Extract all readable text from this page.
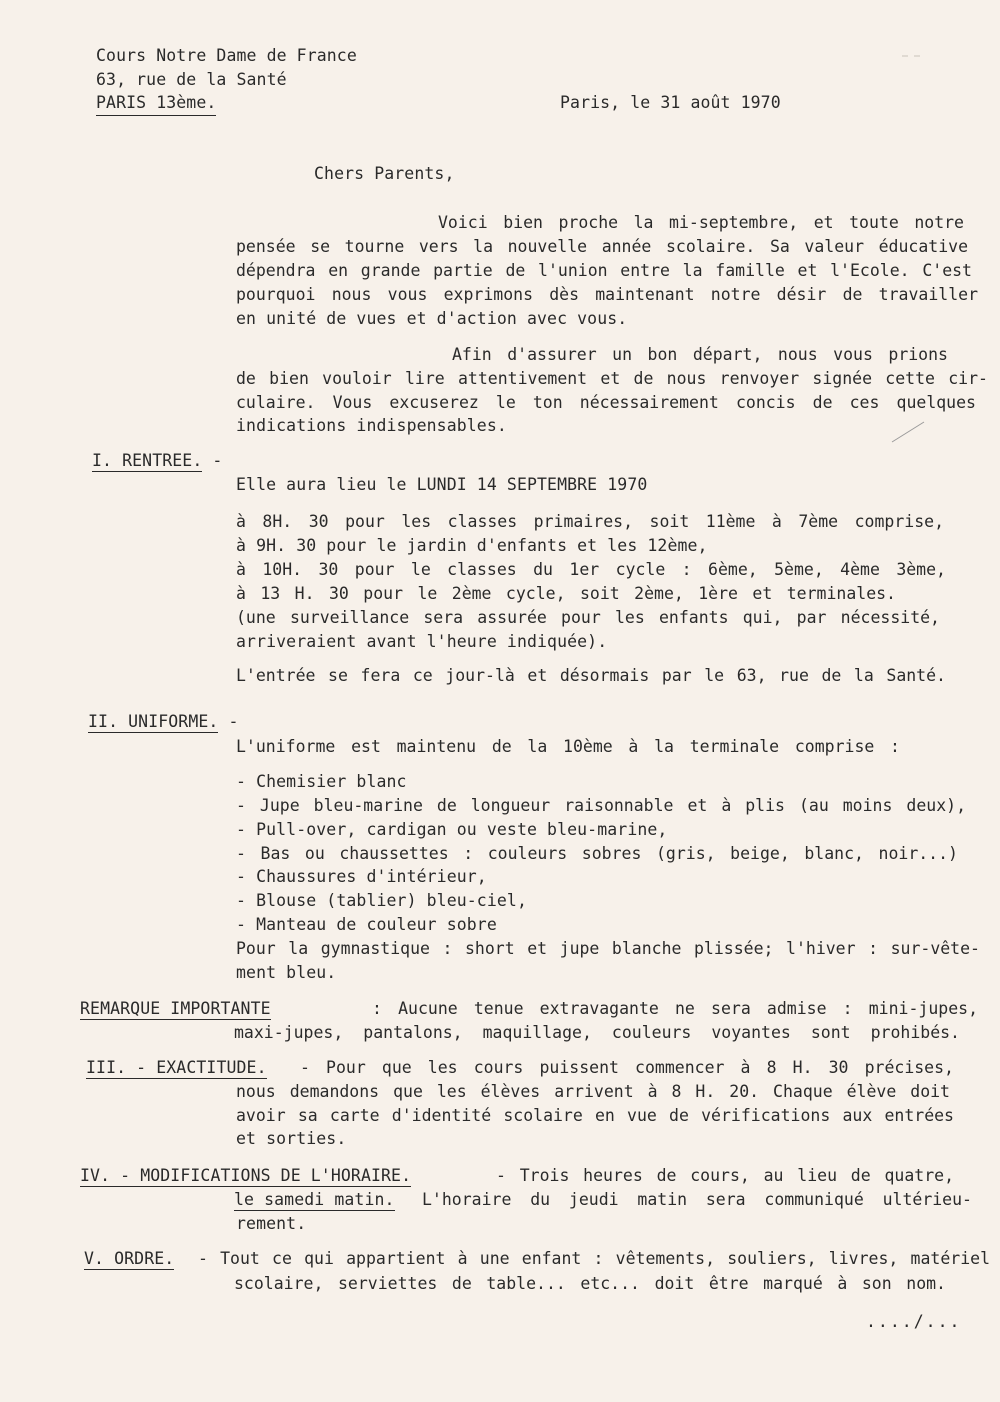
Cours Notre Dame de France
63, rue de la Santé
PARIS 13ème.	Paris, le 31 août 1970
Chers Parents,
Voici bien proche la mi-septembre, et toute notre
pensée se tourne vers la nouvelle année scolaire. Sa valeur éducative
dépendra en grande partie de l'union entre la famille et l'Ecole. C'est
pourquoi nous vous exprimons dès maintenant notre désir de travailler
en unité de vues et d'action avec vous.
Afin d'assurer un bon départ, nous vous prions
de bien vouloir lire attentivement et de nous renvoyer signée cette cir-
culaire. Vous excuserez le ton nécessairement concis de ces quelques
indications indispensables.
I. RENTREE. -
Elle aura lieu le LUNDI 14 SEPTEMBRE 1970
à 8H. 30 pour les classes primaires, soit 11ème à 7ème comprise,
à 9H. 30 pour le jardin d'enfants et les 12ème,
à 10H. 30 pour le classes du 1er cycle : 6ème, 5ème, 4ème 3ème,
à 13 H. 30 pour le 2ème cycle, soit 2ème, 1ère et terminales.
(une surveillance sera assurée pour les enfants qui, par nécessité,
arriveraient avant l'heure indiquée).
L'entrée se fera ce jour-là et désormais par le 63, rue de la Santé.
II. UNIFORME. -
L'uniforme est maintenu de la 10ème à la terminale comprise :
- Chemisier blanc
- Jupe bleu-marine de longueur raisonnable et à plis (au moins deux),
- Pull-over, cardigan ou veste bleu-marine,
- Bas ou chaussettes : couleurs sobres (gris, beige, blanc, noir...)
- Chaussures d'intérieur,
- Blouse (tablier) bleu-ciel,
- Manteau de couleur sobre
Pour la gymnastique : short et jupe blanche plissée; l'hiver : sur-vête-
ment bleu.
REMARQUE IMPORTANTE	: Aucune tenue extravagante ne sera admise : mini-jupes,
maxi-jupes, pantalons, maquillage, couleurs voyantes sont prohibés.
III. - EXACTITUDE. - Pour que les cours puissent commencer à 8 H. 30 précises,
nous demandons que les élèves arrivent à 8 H. 20. Chaque élève doit
avoir sa carte d'identité scolaire en vue de vérifications aux entrées
et sorties.
IV. - MODIFICATIONS DE L'HORAIRE.	- Trois heures de cours, au lieu de quatre,
le samedi matin. L'horaire du jeudi matin sera communiqué ultérieu-
rement.
V. ORDRE. - Tout ce qui appartient à une enfant : vêtements, souliers, livres, matériel
scolaire, serviettes de table... etc... doit être marqué à son nom.
..../...
